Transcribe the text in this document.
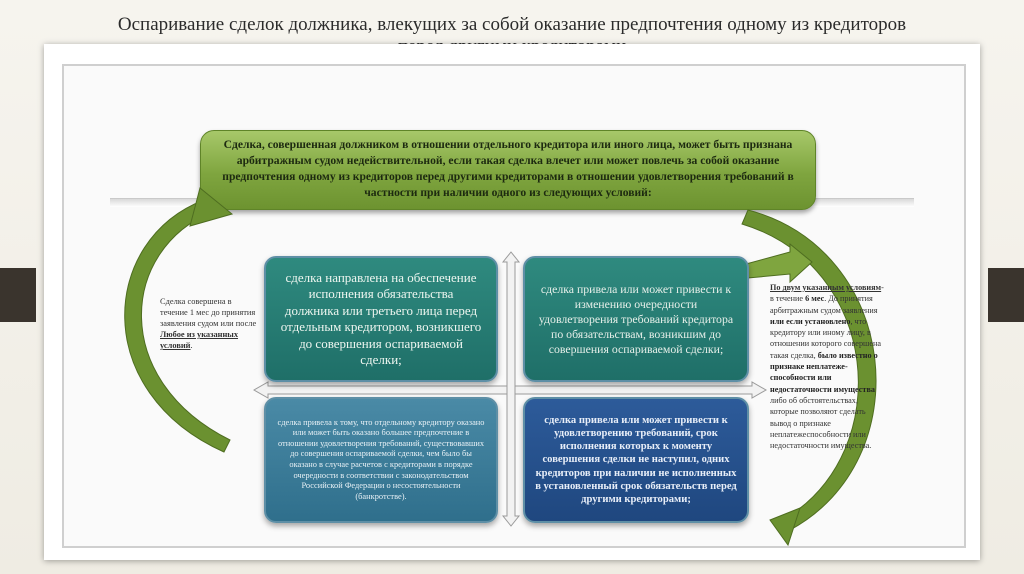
Оспаривание сделок должника, влекущих за собой оказание предпочтения одному из кредиторов
Сделка, совершенная должником в отношении отдельного кредитора или иного лица, может быть признана арбитражным судом недействительной, если такая сделка влечет или может повлечь за собой оказание предпочтения одному из кредиторов перед другими кредиторами в отношении удовлетворения требований в частности при наличии одного из следующих условий:
сделка направлена на обеспечение исполнения обязательства должника или третьего лица перед отдельным кредитором, возникшего до совершения оспариваемой сделки;
сделка привела или может привести к изменению очередности удовлетворения требований кредитора по обязательствам, возникшим до совершения оспариваемой сделки;
сделка привела к тому, что отдельному кредитору оказано или может быть оказано большее предпочтение в отношении удовлетворения требований, существовавших до совершения оспариваемой сделки, чем было бы оказано в случае расчетов с кредиторами в порядке очередности в соответствии с законодательством Российской Федерации о несостоятельности (банкротстве).
сделка привела или может привести к удовлетворению требований, срок исполнения которых к моменту совершения сделки не наступил, одних кредиторов при наличии не исполненных в установленный срок обязательств перед другими кредиторами;
Сделка совершена в течение 1 мес до принятия заявления судом или после Любое из указанных условий.
По двум указанным условиям- в течение 6 мес. До принятия арбитражным судом заявления или если установлено, что кредитору или иному лицу, в отношении которого совершена такая сделка, было известно о признаке неплатеже-способности или недостаточности имущества либо об обстоятельствах, которые позволяют сделать вывод о признаке неплатежеспособности или недостаточности имущества.
